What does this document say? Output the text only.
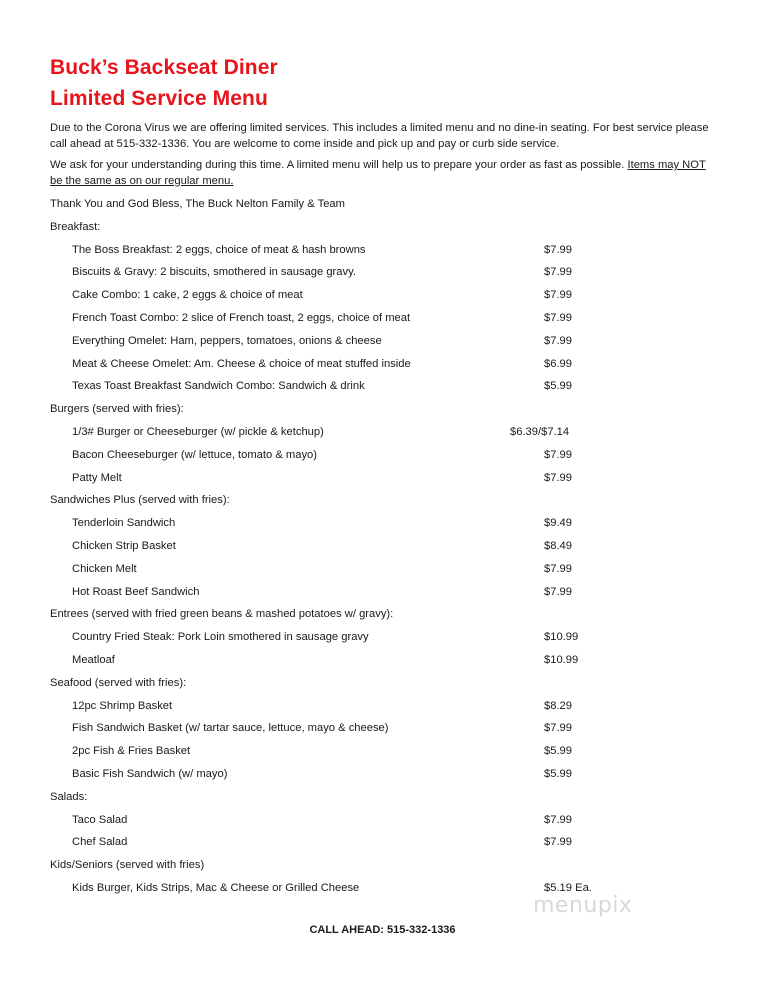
Buck’s Backseat Diner
Limited Service Menu

Due to the Corona Virus we are offering limited services. This includes a limited menu and no dine-in seating. For best service please call ahead at 515-332-1336. You are welcome to come inside and pick up and pay or curb side service.

We ask for your understanding during this time. A limited menu will help us to prepare your order as fast as possible. Items may NOT be the same as on our regular menu.

Thank You and God Bless, The Buck Nelton Family & Team
Breakfast:
The Boss Breakfast: 2 eggs, choice of meat & hash browns	$7.99
Biscuits & Gravy: 2 biscuits, smothered in sausage gravy.	$7.99
Cake Combo: 1 cake, 2 eggs & choice of meat	$7.99
French Toast Combo: 2 slice of French toast, 2 eggs, choice of meat	$7.99
Everything Omelet: Ham, peppers, tomatoes, onions & cheese	$7.99
Meat & Cheese Omelet: Am. Cheese & choice of meat stuffed inside	$6.99
Texas Toast Breakfast Sandwich Combo: Sandwich & drink	$5.99
Burgers (served with fries):
1/3# Burger or Cheeseburger (w/ pickle & ketchup)	$6.39/$7.14
Bacon Cheeseburger (w/ lettuce, tomato & mayo)	$7.99
Patty Melt	$7.99
Sandwiches Plus (served with fries):
Tenderloin Sandwich	$9.49
Chicken Strip Basket	$8.49
Chicken Melt	$7.99
Hot Roast Beef Sandwich	$7.99
Entrees (served with fried green beans & mashed potatoes w/ gravy):
Country Fried Steak: Pork Loin smothered in sausage gravy	$10.99
Meatloaf	$10.99
Seafood (served with fries):
12pc Shrimp Basket	$8.29
Fish Sandwich Basket (w/ tartar sauce, lettuce, mayo & cheese)	$7.99
2pc Fish & Fries Basket	$5.99
Basic Fish Sandwich (w/ mayo)	$5.99
Salads:
Taco Salad	$7.99
Chef Salad	$7.99
Kids/Seniors (served with fries)
Kids Burger, Kids Strips, Mac & Cheese or Grilled Cheese	$5.19 Ea.
CALL AHEAD: 515-332-1336
menupix
